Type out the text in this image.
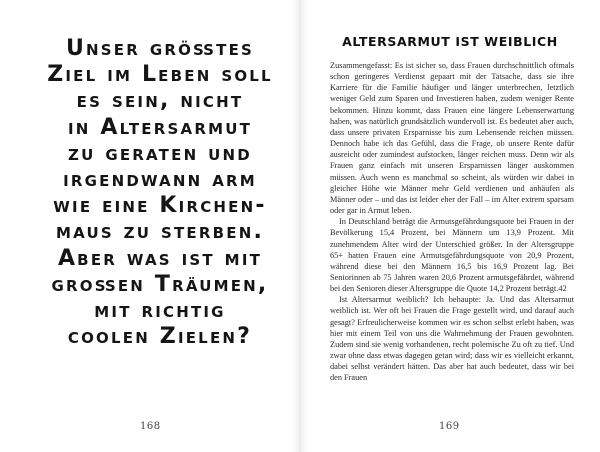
Unser größtes
Ziel im Leben soll
es sein, nicht
in Altersarmut
zu geraten und
irgendwann arm
wie eine Kirchen-
maus zu sterben.
Aber was ist mit
großen Träumen,
mit richtig
coolen Zielen?
168
ALTERSARMUT IST WEIBLICH

Zusammengefasst: Es ist sicher so, dass Frauen durchschnittlich oftmals schon geringeres Verdienst gepaart mit der Tatsache, dass sie ihre Karriere für die Familie häufiger und länger unterbrechen, letztlich weniger Geld zum Sparen und Investieren haben, zudem weniger Rente bekommen. Hinzu kommt, dass Frauen eine längere Lebenserwartung haben, was natürlich grundsätzlich wundervoll ist. Es bedeutet aber auch, dass unsere privaten Ersparnisse bis zum Lebensende reichen müssen. Dennoch habe ich das Gefühl, dass die Frage, ob unsere Rente dafür ausreicht oder zumindest aufstocken, länger reichen muss. Denn wir als Frauen ganz einfach mit unseren Ersparnissen länger auskommen müssen. Auch wenn es manchmal so scheint, als würden wir dabei in gleicher Höhe wie Männer mehr Geld verdienen und anhäufen als Männer oder – und das ist leider eher der Fall – im Alter extrem sparsam oder gar in Armut leben.

In Deutschland beträgt die Armutsgefährdungsquote bei Frauen in der Bevölkerung 15,4 Prozent, bei Männern um 13,9 Prozent. Mit zunehmendem Alter wird der Unterschied größer. In der Altersgruppe 65+ hatten Frauen eine Armutsgefährdungsquote von 20,9 Prozent, während diese bei den Männern 16,5 bis 16,9 Prozent lag. Bei Seniorinnen ab 75 Jahren waren 20,6 Prozent armutsgefährdet, während bei den Senioren dieser Altersgruppe die Quote 14,2 Prozent beträgt.42

Ist Altersarmut weiblich? Ich behaupte: Ja. Und das Altersarmut weiblich ist. Wer oft bei Frauen die Frage gestellt wird, und darauf auch gesagt? Erfreulicherweise kommen wir es schon selbst erlebt haben, was hier mit einem Teil von uns die Wahrnehmung der Frauen gewohnten. Zudem sind sie wenig vorhandenen, recht polemische Zu oft zu tief. Und zwar ohne dass etwas dagegen getan wird; dass wir es vielleicht erkannt, dabei selbst verändert hätten. Das aber hat auch bedeutet, dass wir bei den Frauen

169
